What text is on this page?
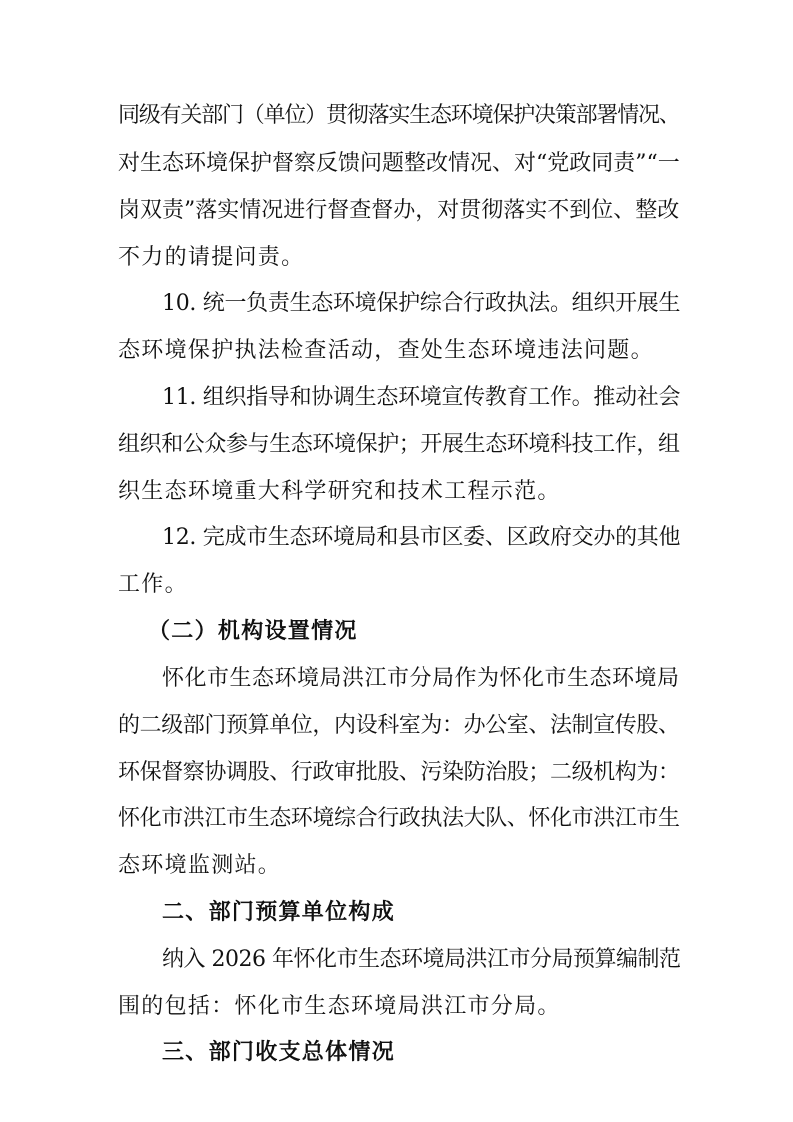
同级有关部门（单位）贯彻落实生态环境保护决策部署情况、
对生态环境保护督察反馈问题整改情况、对“党政同责”“一
岗双责”落实情况进行督查督办，对贯彻落实不到位、整改
不力的请提问责。
10. 统一负责生态环境保护综合行政执法。组织开展生
态环境保护执法检查活动，查处生态环境违法问题。
11. 组织指导和协调生态环境宣传教育工作。推动社会
组织和公众参与生态环境保护；开展生态环境科技工作，组
织生态环境重大科学研究和技术工程示范。
12. 完成市生态环境局和县市区委、区政府交办的其他
工作。
（二）机构设置情况
怀化市生态环境局洪江市分局作为怀化市生态环境局
的二级部门预算单位，内设科室为：办公室、法制宣传股、
环保督察协调股、行政审批股、污染防治股；二级机构为：
怀化市洪江市生态环境综合行政执法大队、怀化市洪江市生
态环境监测站。
二、部门预算单位构成
纳入 2026 年怀化市生态环境局洪江市分局预算编制范
围的包括：怀化市生态环境局洪江市分局。
三、部门收支总体情况
